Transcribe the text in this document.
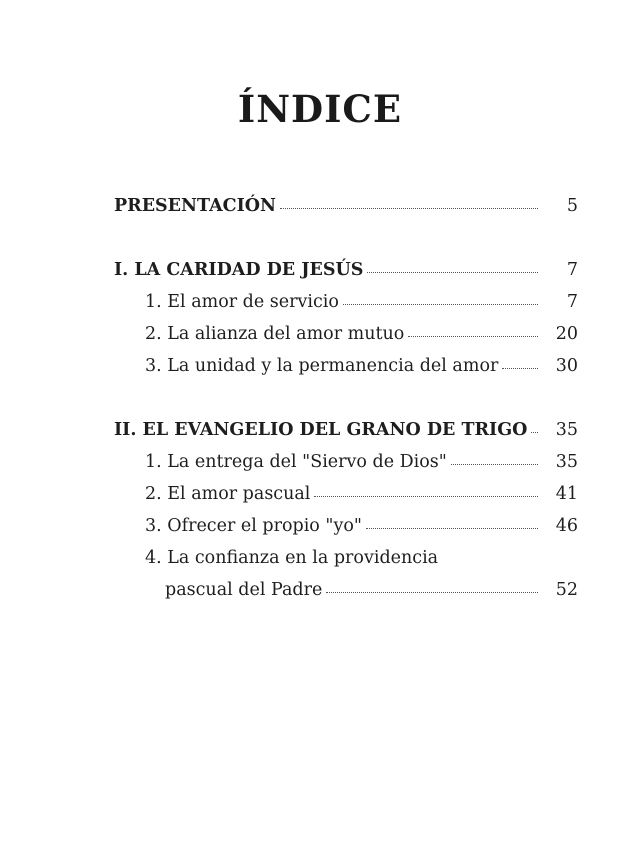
ÍNDICE
PRESENTACIÓN	5
I. LA CARIDAD DE JESÚS	7
1. El amor de servicio	7
2. La alianza del amor mutuo	20
3. La unidad y la permanencia del amor	30
II. EL EVANGELIO DEL GRANO DE TRIGO	35
1. La entrega del "Siervo de Dios"	35
2. El amor pascual	41
3. Ofrecer el propio "yo"	46
4. La confianza en la providencia
pascual del Padre	52
